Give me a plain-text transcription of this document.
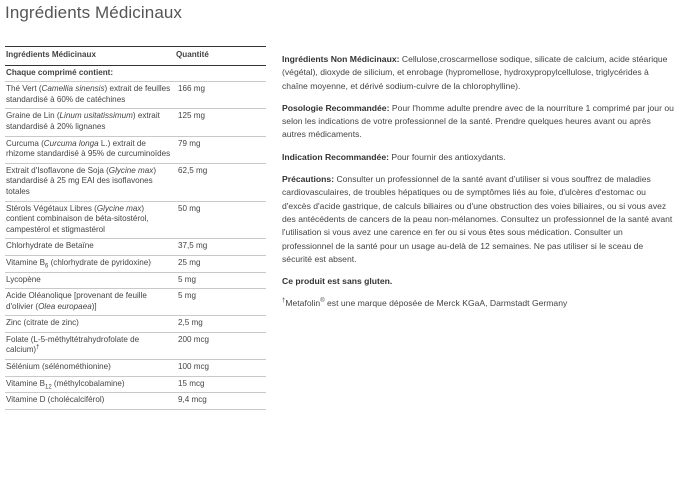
Ingrédients Médicinaux
Ingrédients Médicinaux	Quantité
Chaque comprimé contient:	
Thé Vert (Camellia sinensis) extrait de feuilles standardisé à 60% de catéchines	166 mg
Graine de Lin (Linum usitatissimum) extrait standardisé à 20% lignanes	125 mg
Curcuma (Curcuma longa L.) extrait de rhizome standardisé à 95% de curcuminoïdes	79 mg
Extrait d'Isoflavone de Soja (Glycine max) standardisé à 25 mg EAI des isoflavones totales	62,5 mg
Stérols Végétaux Libres (Glycine max) contient combinaison de béta-sitostérol, campestérol et stigmastérol	50 mg
Chlorhydrate de Betaïne	37,5 mg
Vitamine $B_6$ (chlorhydrate de pyridoxine)	25 mg
Lycopène	5 mg
Acide Oléanolique [provenant de feuille d'olivier (Olea europaea)]	5 mg
Zinc (citrate de zinc)	2,5 mg
Folate (L-5-méthyltétrahydrofolate de calcium)†	200 mcg
Sélénium (sélénométhionine)	100 mcg
Vitamine $B_{12}$ (méthylcobalamine)	15 mcg
Vitamine D (cholécalciférol)	9,4 mcg

Ingrédients Non Médicinaux: Cellulose,croscarmellose sodique, silicate de calcium, acide stéarique (végétal), dioxyde de silicium, et enrobage (hypromellose, hydroxypropylcellulose, triglycérides à chaîne moyenne, et dérivé sodium-cuivre de la chlorophylline).

Posologie Recommandée: Pour l'homme adulte prendre avec de la nourriture 1 comprimé par jour ou selon les indications de votre professionnel de la santé. Prendre quelques heures avant ou après autres médicaments.

Indication Recommandée: Pour fournir des antioxydants.

Précautions: Consulter un professionnel de la santé avant d'utiliser si vous souffrez de maladies cardiovasculaires, de troubles hépatiques ou de symptômes liés au foie, d'ulcères d'estomac ou d'excès d'acide gastrique, de calculs biliaires ou d'une obstruction des voies biliaires, ou si vous avez des antécédents de cancers de la peau non-mélanomes. Consultez un professionnel de la santé avant l'utilisation si vous avez une carence en fer ou si vous êtes sous médication. Consulter un professionnel de la santé pour un usage au-delà de 12 semaines. Ne pas utiliser si le sceau de sécurité est absent.

Ce produit est sans gluten.

†Metafolin® est une marque déposée de Merck KGaA, Darmstadt Germany
